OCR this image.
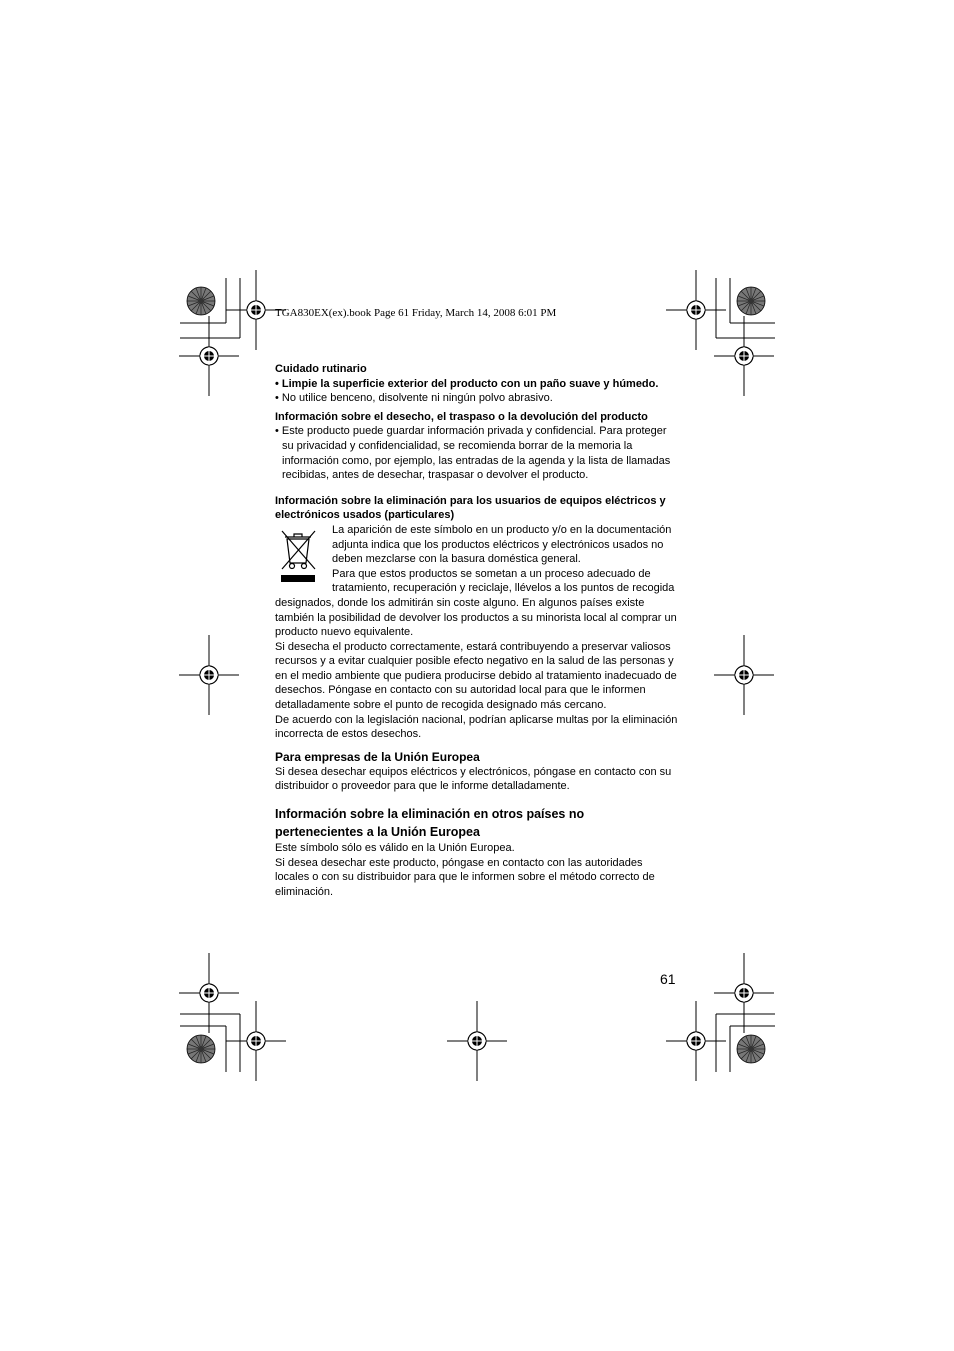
TGA830EX(ex).book Page 61 Friday, March 14, 2008 6:01 PM

Cuidado rutinario

• Limpie la superficie exterior del producto con un paño suave y húmedo.

• No utilice benceno, disolvente ni ningún polvo abrasivo.

Información sobre el desecho, el traspaso o la devolución del producto

• Este producto puede guardar información privada y confidencial. Para proteger su privacidad y confidencialidad, se recomienda borrar de la memoria la información como, por ejemplo, las entradas de la agenda y la lista de llamadas recibidas, antes de desechar, traspasar o devolver el producto.

Información sobre la eliminación para los usuarios de equipos eléctricos y electrónicos usados (particulares)

La aparición de este símbolo en un producto y/o en la documentación adjunta indica que los productos eléctricos y electrónicos usados no deben mezclarse con la basura doméstica general.

Para que estos productos se sometan a un proceso adecuado de tratamiento, recuperación y reciclaje, llévelos a los puntos de recogida designados, donde los admitirán sin coste alguno. En algunos países existe también la posibilidad de devolver los productos a su minorista local al comprar un producto nuevo equivalente.

Si desecha el producto correctamente, estará contribuyendo a preservar valiosos recursos y a evitar cualquier posible efecto negativo en la salud de las personas y en el medio ambiente que pudiera producirse debido al tratamiento inadecuado de desechos. Póngase en contacto con su autoridad local para que le informen detalladamente sobre el punto de recogida designado más cercano.

De acuerdo con la legislación nacional, podrían aplicarse multas por la eliminación incorrecta de estos desechos.

Para empresas de la Unión Europea

Si desea desechar equipos eléctricos y electrónicos, póngase en contacto con su distribuidor o proveedor para que le informe detalladamente.

Información sobre la eliminación en otros países no

pertenecientes a la Unión Europea

Este símbolo sólo es válido en la Unión Europea.

Si desea desechar este producto, póngase en contacto con las autoridades locales o con su distribuidor para que le informen sobre el método correcto de eliminación.

61
